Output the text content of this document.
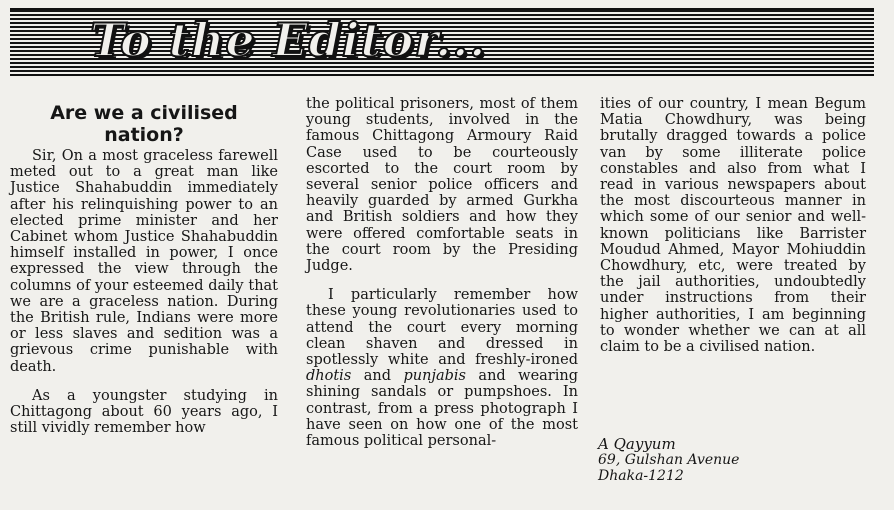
To the Editor...
Are we a civilised nation?

Sir, On a most graceless farewell meted out to a great man like Justice Shahabuddin immediately after his relinquishing power to an elected prime minister and her Cabinet whom Justice Shahabuddin himself installed in power, I once expressed the view through the columns of your esteemed daily that we are a graceless nation. During the British rule, Indians were more or less slaves and sedition was a grievous crime punishable with death.

As a youngster studying in Chittagong about 60 years ago, I still vividly remember how

the political prisoners, most of them young students, involved in the famous Chittagong Armoury Raid Case used to be courteously escorted to the court room by several senior police officers and heavily guarded by armed Gurkha and British soldiers and how they were offered comfortable seats in the court room by the Presiding Judge.

I particularly remember how these young revolutionaries used to attend the court every morning clean shaven and dressed in spotlessly white and freshly-ironed dhotis and punjabis and wearing shining sandals or pumpshoes. In contrast, from a press photograph I have seen on how one of the most famous political personal-

ities of our country, I mean Begum Matia Chowdhury, was being brutally dragged towards a police van by some illiterate police constables and also from what I read in various newspapers about the most discourteous manner in which some of our senior and well-known politicians like Barrister Moudud Ahmed, Mayor Mohiuddin Chowdhury, etc, were treated by the jail authorities, undoubtedly under instructions from their higher authorities, I am beginning to wonder whether we can at all claim to be a civilised nation.

A Qayyum
69, Gulshan Avenue
Dhaka-1212
